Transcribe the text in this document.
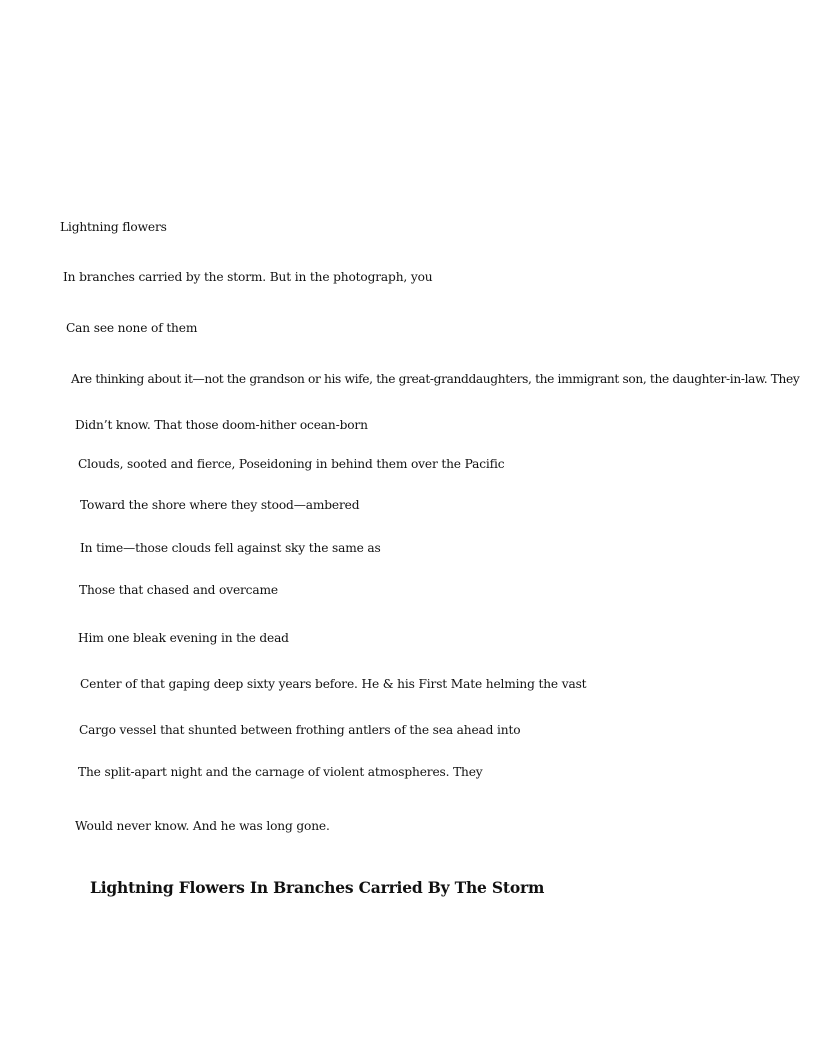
Lightning flowers
In branches carried by the storm. But in the photograph, you
Can see none of them
Are thinking about it—not the grandson or his wife, the great-granddaughters, the immigrant son, the daughter-in-law. They
Didn’t know. That those doom-hither ocean-born
Clouds, sooted and fierce, Poseidoning in behind them over the Pacific
Toward the shore where they stood—ambered
In time—those clouds fell against sky the same as
Those that chased and overcame
Him one bleak evening in the dead
Center of that gaping deep sixty years before. He & his First Mate helming the vast
Cargo vessel that shunted between frothing antlers of the sea ahead into
The split-apart night and the carnage of violent atmospheres. They
Would never know. And he was long gone.
Lightning Flowers In Branches Carried By The Storm
